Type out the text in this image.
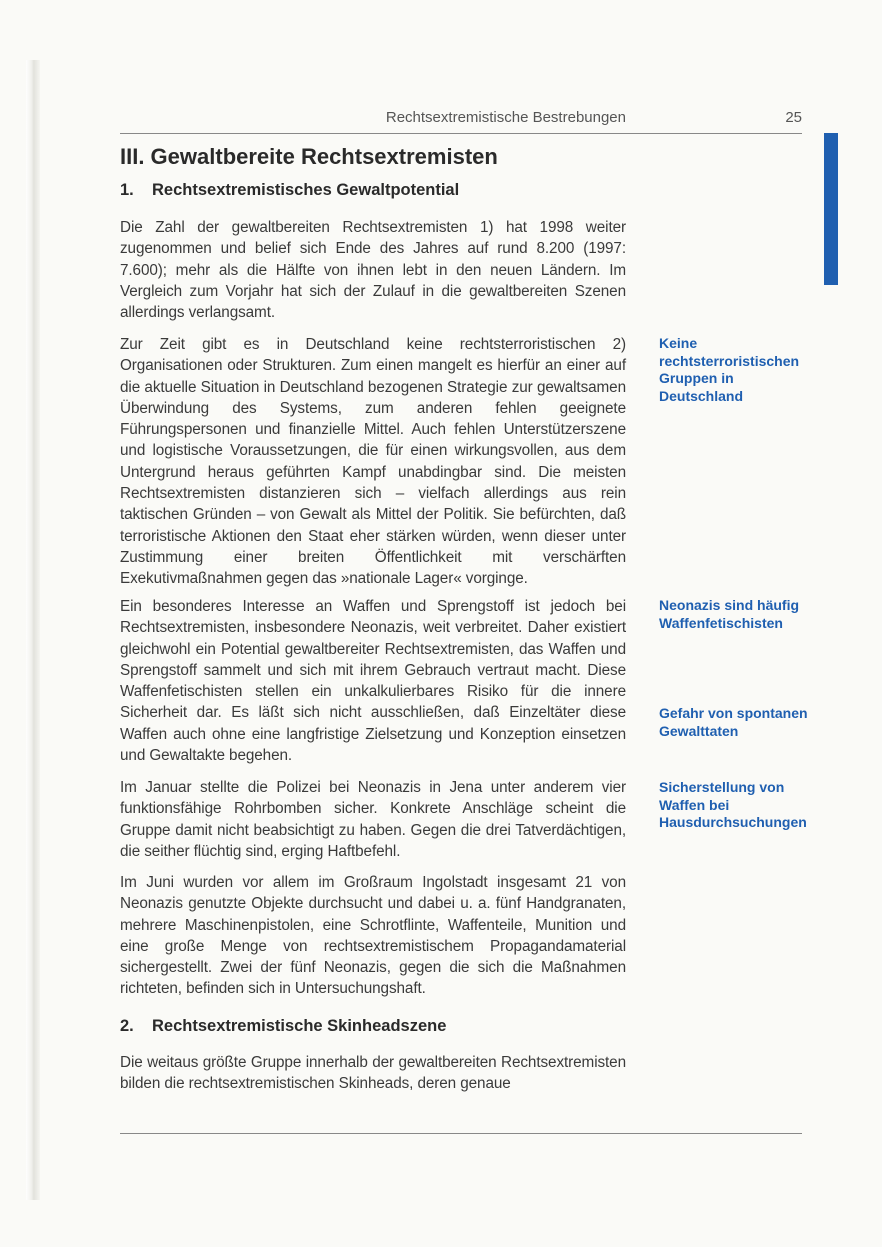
Rechtsextremistische Bestrebungen	25
III. Gewaltbereite Rechtsextremisten
1. Rechtsextremistisches Gewaltpotential

Die Zahl der gewaltbereiten Rechtsextremisten 1) hat 1998 weiter zugenommen und belief sich Ende des Jahres auf rund 8.200 (1997: 7.600); mehr als die Hälfte von ihnen lebt in den neuen Ländern. Im Vergleich zum Vorjahr hat sich der Zulauf in die gewaltbereiten Szenen allerdings verlangsamt.

Zur Zeit gibt es in Deutschland keine rechtsterroristischen 2) Organisationen oder Strukturen. Zum einen mangelt es hierfür an einer auf die aktuelle Situation in Deutschland bezogenen Strategie zur gewaltsamen Überwindung des Systems, zum anderen fehlen geeignete Führungspersonen und finanzielle Mittel. Auch fehlen Unterstützerszene und logistische Voraussetzungen, die für einen wirkungsvollen, aus dem Untergrund heraus geführten Kampf unabdingbar sind. Die meisten Rechtsextremisten distanzieren sich – vielfach allerdings aus rein taktischen Gründen – von Gewalt als Mittel der Politik. Sie befürchten, daß terroristische Aktionen den Staat eher stärken würden, wenn dieser unter Zustimmung einer breiten Öffentlichkeit mit verschärften Exekutivmaßnahmen gegen das »nationale Lager« vorginge.

Ein besonderes Interesse an Waffen und Sprengstoff ist jedoch bei Rechtsextremisten, insbesondere Neonazis, weit verbreitet. Daher existiert gleichwohl ein Potential gewaltbereiter Rechtsextremisten, das Waffen und Sprengstoff sammelt und sich mit ihrem Gebrauch vertraut macht. Diese Waffenfetischisten stellen ein unkalkulierbares Risiko für die innere Sicherheit dar. Es läßt sich nicht ausschließen, daß Einzeltäter diese Waffen auch ohne eine langfristige Zielsetzung und Konzeption einsetzen und Gewaltakte begehen.

Im Januar stellte die Polizei bei Neonazis in Jena unter anderem vier funktionsfähige Rohrbomben sicher. Konkrete Anschläge scheint die Gruppe damit nicht beabsichtigt zu haben. Gegen die drei Tatverdächtigen, die seither flüchtig sind, erging Haftbefehl.

Im Juni wurden vor allem im Großraum Ingolstadt insgesamt 21 von Neonazis genutzte Objekte durchsucht und dabei u. a. fünf Handgranaten, mehrere Maschinenpistolen, eine Schrotflinte, Waffenteile, Munition und eine große Menge von rechtsextremistischem Propagandamaterial sichergestellt. Zwei der fünf Neonazis, gegen die sich die Maßnahmen richteten, befinden sich in Untersuchungshaft.

2. Rechtsextremistische Skinheadszene

Die weitaus größte Gruppe innerhalb der gewaltbereiten Rechtsextremisten bilden die rechtsextremistischen Skinheads, deren genaue

Keine rechtsterroristischen Gruppen in Deutschland

Neonazis sind häufig Waffenfetischisten

Gefahr von spontanen Gewalttaten

Sicherstellung von Waffen bei Hausdurchsuchungen
